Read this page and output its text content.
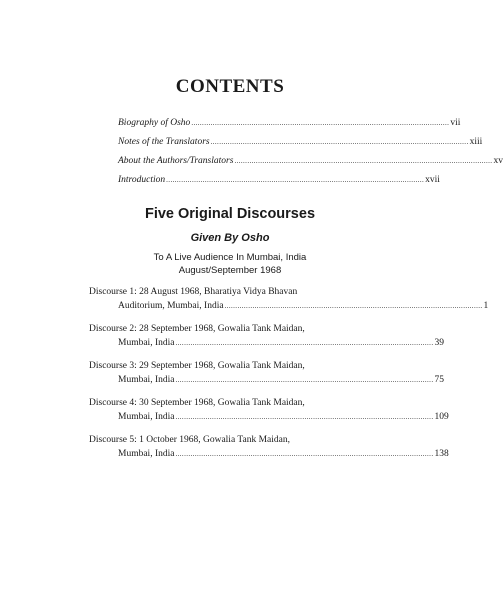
CONTENTS
Biography of Osho ........................................................................................................................ vii
Notes of the Translators ........................................................................................................................ xiii
About the Authors/Translators ........................................................................................................................ xv
Introduction ........................................................................................................................ xvii
Five Original Discourses
Given By Osho
To A Live Audience In Mumbai, India
August/September 1968
Discourse 1: 28 August 1968, Bharatiya Vidya Bhavan
Auditorium, Mumbai, India ........................................................................................................................ 1
Discourse 2: 28 September 1968, Gowalia Tank Maidan,
Mumbai, India ........................................................................................................................ 39
Discourse 3: 29 September 1968, Gowalia Tank Maidan,
Mumbai, India ........................................................................................................................ 75
Discourse 4: 30 September 1968, Gowalia Tank Maidan,
Mumbai, India ........................................................................................................................ 109
Discourse 5: 1 October 1968, Gowalia Tank Maidan,
Mumbai, India ........................................................................................................................ 138
